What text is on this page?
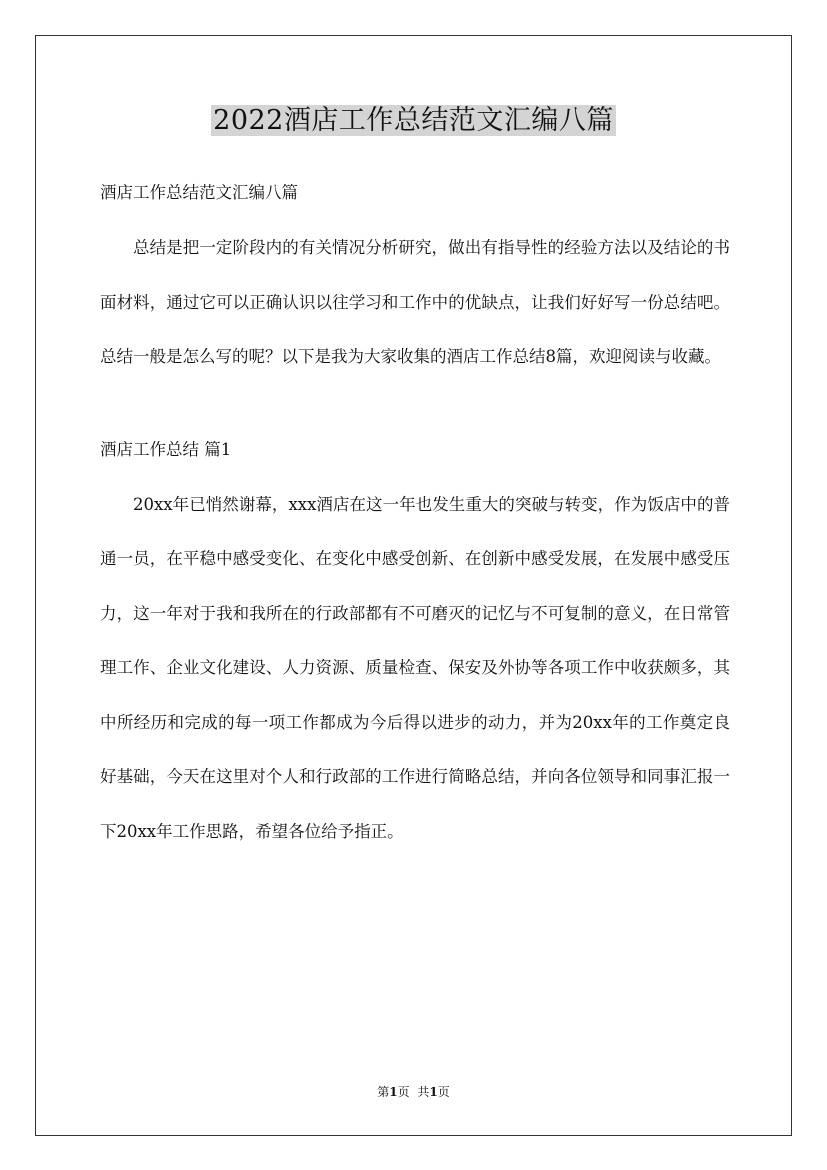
2022酒店工作总结范文汇编八篇

酒店工作总结范文汇编八篇

总结是把一定阶段内的有关情况分析研究，做出有指导性的经验方法以及结论的书面材料，通过它可以正确认识以往学习和工作中的优缺点，让我们好好写一份总结吧。总结一般是怎么写的呢？以下是我为大家收集的酒店工作总结8篇，欢迎阅读与收藏。

酒店工作总结 篇1

20xx年已悄然谢幕，xxx酒店在这一年也发生重大的突破与转变，作为饭店中的普通一员，在平稳中感受变化、在变化中感受创新、在创新中感受发展，在发展中感受压力，这一年对于我和我所在的行政部都有不可磨灭的记忆与不可复制的意义，在日常管理工作、企业文化建设、人力资源、质量检查、保安及外协等各项工作中收获颇多，其中所经历和完成的每一项工作都成为今后得以进步的动力，并为20xx年的工作奠定良好基础，今天在这里对个人和行政部的工作进行简略总结，并向各位领导和同事汇报一下20xx年工作思路，希望各位给予指正。

第1页 共1页
